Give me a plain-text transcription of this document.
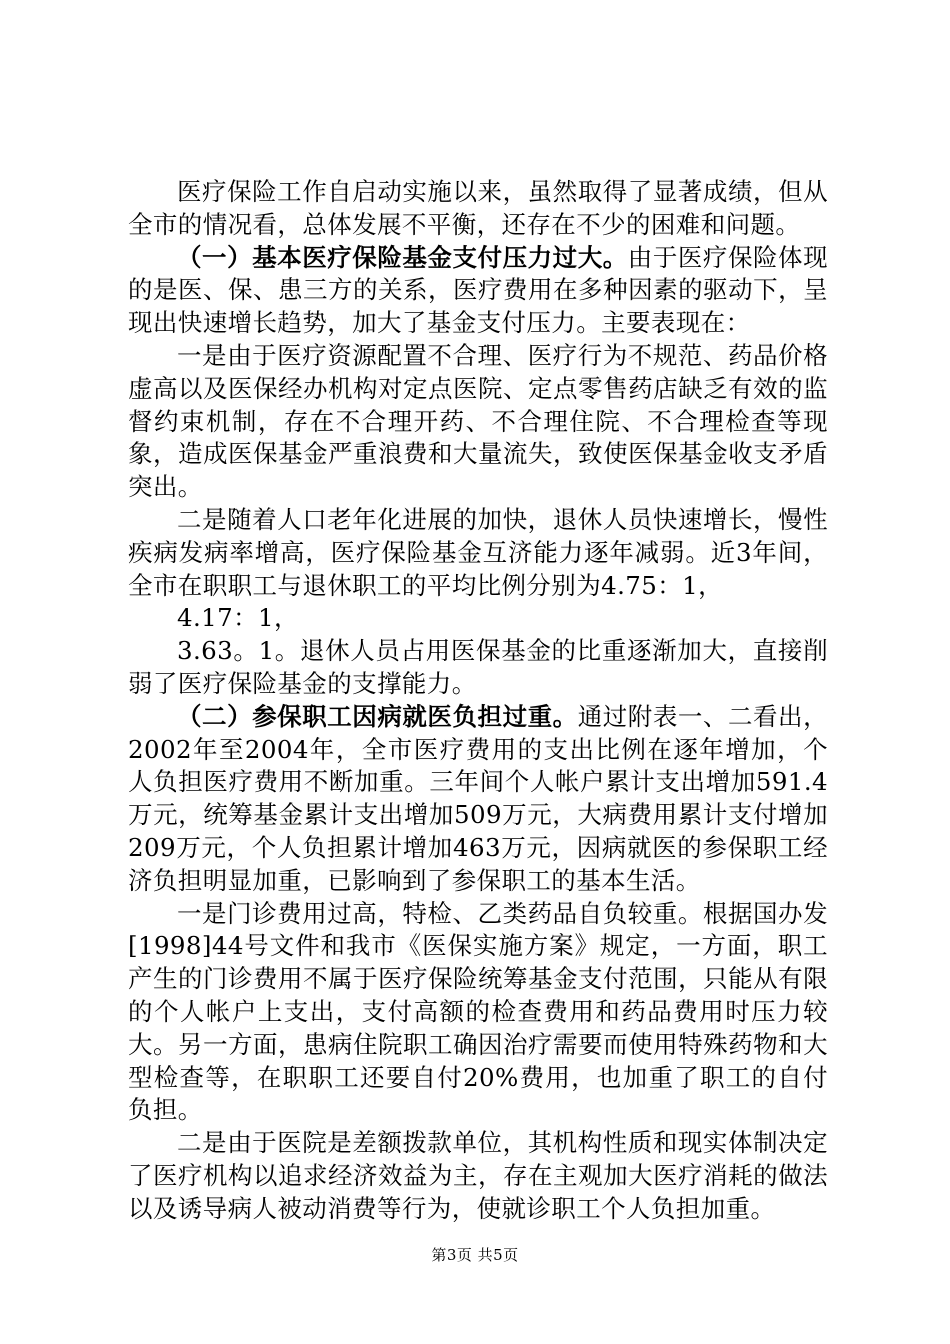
医疗保险工作自启动实施以来，虽然取得了显著成绩，但从全市的情况看，总体发展不平衡，还存在不少的困难和问题。

（一）基本医疗保险基金支付压力过大。由于医疗保险体现的是医、保、患三方的关系，医疗费用在多种因素的驱动下，呈现出快速增长趋势，加大了基金支付压力。主要表现在：

一是由于医疗资源配置不合理、医疗行为不规范、药品价格虚高以及医保经办机构对定点医院、定点零售药店缺乏有效的监督约束机制，存在不合理开药、不合理住院、不合理检查等现象，造成医保基金严重浪费和大量流失，致使医保基金收支矛盾突出。

二是随着人口老年化进展的加快，退休人员快速增长，慢性疾病发病率增高，医疗保险基金互济能力逐年减弱。近3年间，全市在职职工与退休职工的平均比例分别为4.75：1，

4.17：1，

3.63。1。退休人员占用医保基金的比重逐渐加大，直接削弱了医疗保险基金的支撑能力。

（二）参保职工因病就医负担过重。通过附表一、二看出，2002年至2004年，全市医疗费用的支出比例在逐年增加，个人负担医疗费用不断加重。三年间个人帐户累计支出增加591.4万元，统筹基金累计支出增加509万元，大病费用累计支付增加209万元，个人负担累计增加463万元，因病就医的参保职工经济负担明显加重，已影响到了参保职工的基本生活。

一是门诊费用过高，特检、乙类药品自负较重。根据国办发[1998]44号文件和我市《医保实施方案》规定，一方面，职工产生的门诊费用不属于医疗保险统筹基金支付范围，只能从有限的个人帐户上支出，支付高额的检查费用和药品费用时压力较大。另一方面，患病住院职工确因治疗需要而使用特殊药物和大型检查等，在职职工还要自付20%费用，也加重了职工的自付负担。

二是由于医院是差额拨款单位，其机构性质和现实体制决定了医疗机构以追求经济效益为主，存在主观加大医疗消耗的做法以及诱导病人被动消费等行为，使就诊职工个人负担加重。

第3页 共5页
